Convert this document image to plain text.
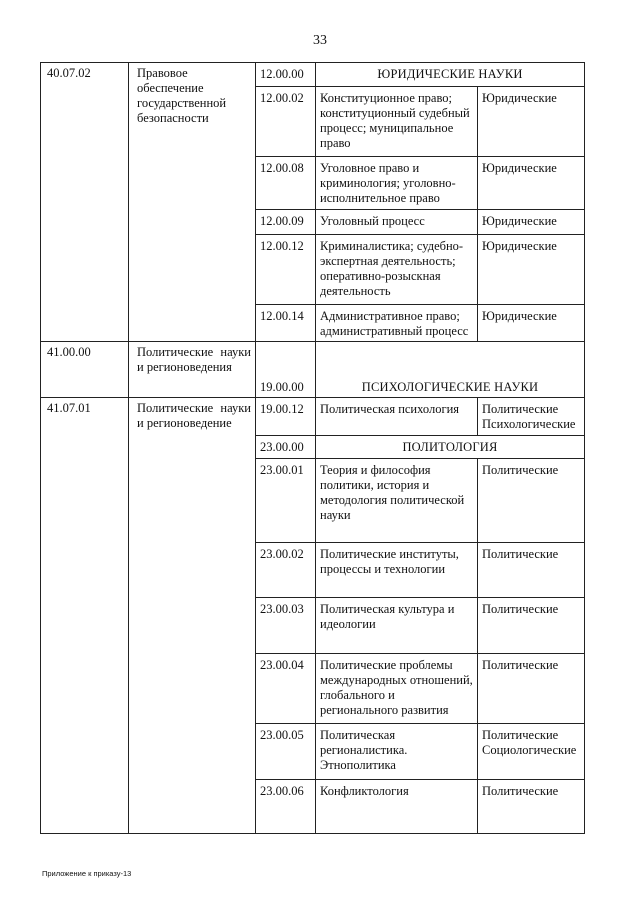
33
40.07.02	Правовое обеспечение государственной безопасности	12.00.00	ЮРИДИЧЕСКИЕ НАУКИ	
		12.00.02	Конституционное право; конституционный судебный процесс; муниципальное право	Юридические
		12.00.08	Уголовное право и криминология; уголовно-исполнительное право	Юридические
		12.00.09	Уголовный процесс	Юридические
		12.00.12	Криминалистика; судебно-экспертная деятельность; оперативно-розыскная деятельность	Юридические
		12.00.14	Административное право; административный процесс	Юридические
41.00.00	Политические науки и регионоведения	19.00.00	ПСИХОЛОГИЧЕСКИЕ НАУКИ	
41.07.01	Политические науки и регионоведение	19.00.12	Политическая психология	Политические
Психологические

		23.00.00	ПОЛИТОЛОГИЯ	
		23.00.01	Теория и философия политики, история и методология политической науки	Политические
		23.00.02	Политические институты, процессы и технологии	Политические
		23.00.03	Политическая культура и идеологии	Политические
		23.00.04	Политические проблемы международных отношений, глобального и регионального развития	Политические
		23.00.05	Политическая регионалистика. Этнополитика	Политические
Социологические

		23.00.06	Конфликтология	Политические
Приложение к приказу-13
